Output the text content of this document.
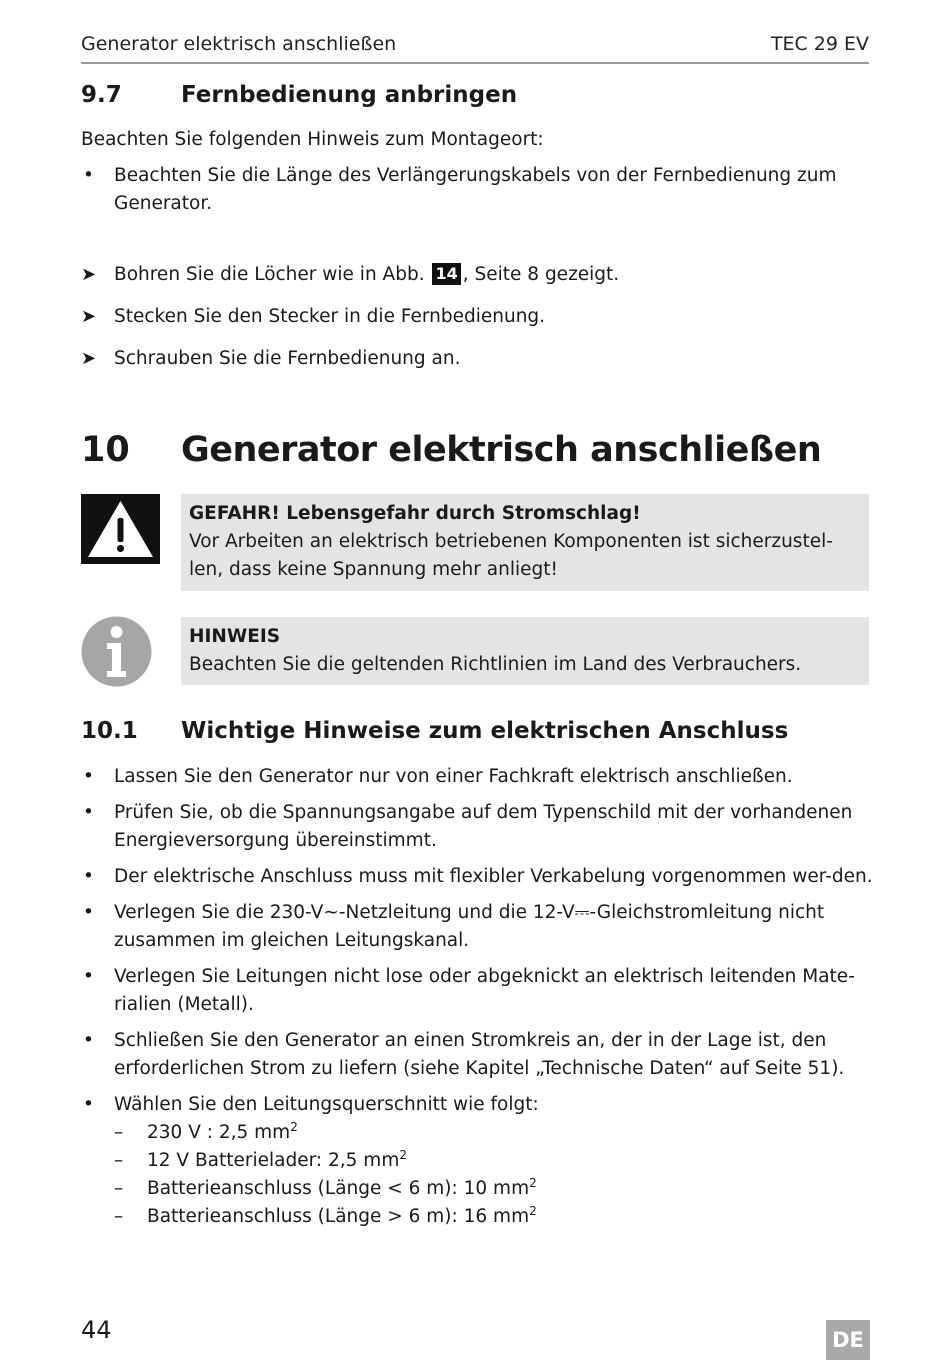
Generator elektrisch anschließen	TEC 29 EV
9.7	Fernbedienung anbringen
Beachten Sie folgenden Hinweis zum Montageort:
• Beachten Sie die Länge des Verlängerungskabels von der Fernbedienung zum Generator.
➤ Bohren Sie die Löcher wie in Abb. 14 , Seite 8 gezeigt.
➤ Stecken Sie den Stecker in die Fernbedienung.
➤ Schrauben Sie die Fernbedienung an.
10 Generator elektrisch anschließen
GEFAHR! Lebensgefahr durch Stromschlag!
Vor Arbeiten an elektrisch betriebenen Komponenten ist sicherzustel-len, dass keine Spannung mehr anliegt!
HINWEIS
Beachten Sie die geltenden Richtlinien im Land des Verbrauchers.
10.1 Wichtige Hinweise zum elektrischen Anschluss
• Lassen Sie den Generator nur von einer Fachkraft elektrisch anschließen.
• Prüfen Sie, ob die Spannungsangabe auf dem Typenschild mit der vorhandenen Energieversorgung übereinstimmt.
• Der elektrische Anschluss muss mit flexibler Verkabelung vorgenommen wer-den.
• Verlegen Sie die 230-V∼-Netzleitung und die 12-V⎓-Gleichstromleitung nicht zusammen im gleichen Leitungskanal.
• Verlegen Sie Leitungen nicht lose oder abgeknickt an elektrisch leitenden Mate-rialien (Metall).
• Schließen Sie den Generator an einen Stromkreis an, der in der Lage ist, den erforderlichen Strom zu liefern (siehe Kapitel „Technische Daten“ auf Seite 51).
• Wählen Sie den Leitungsquerschnitt wie folgt:
– 230 V : 2,5 $mm^2$
– 12 V Batterielader: 2,5 $mm^2$
– Batterieanschluss (Länge < 6 m): 10 $mm^2$
– Batterieanschluss (Länge > 6 m): 16 $mm^2$
44	DE
